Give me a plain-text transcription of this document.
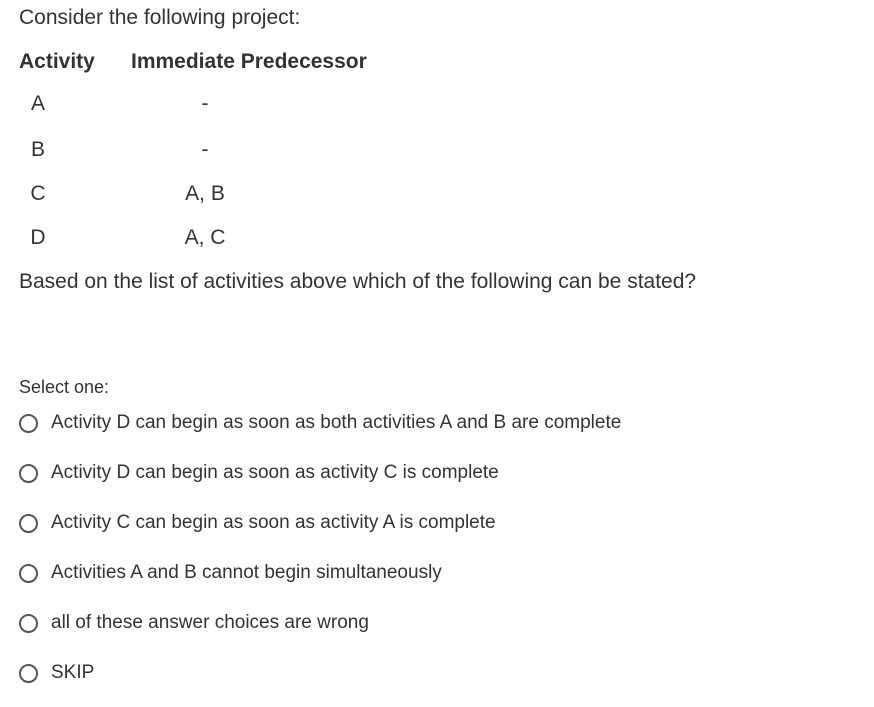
Consider the following project:
Activity Immediate Predecessor
A	-
B	-
C	A, B
D	A, C
Based on the list of activities above which of the following can be stated?
Select one:
Activity D can begin as soon as both activities A and B are complete
Activity D can begin as soon as activity C is complete
Activity C can begin as soon as activity A is complete
Activities A and B cannot begin simultaneously
all of these answer choices are wrong
SKIP
